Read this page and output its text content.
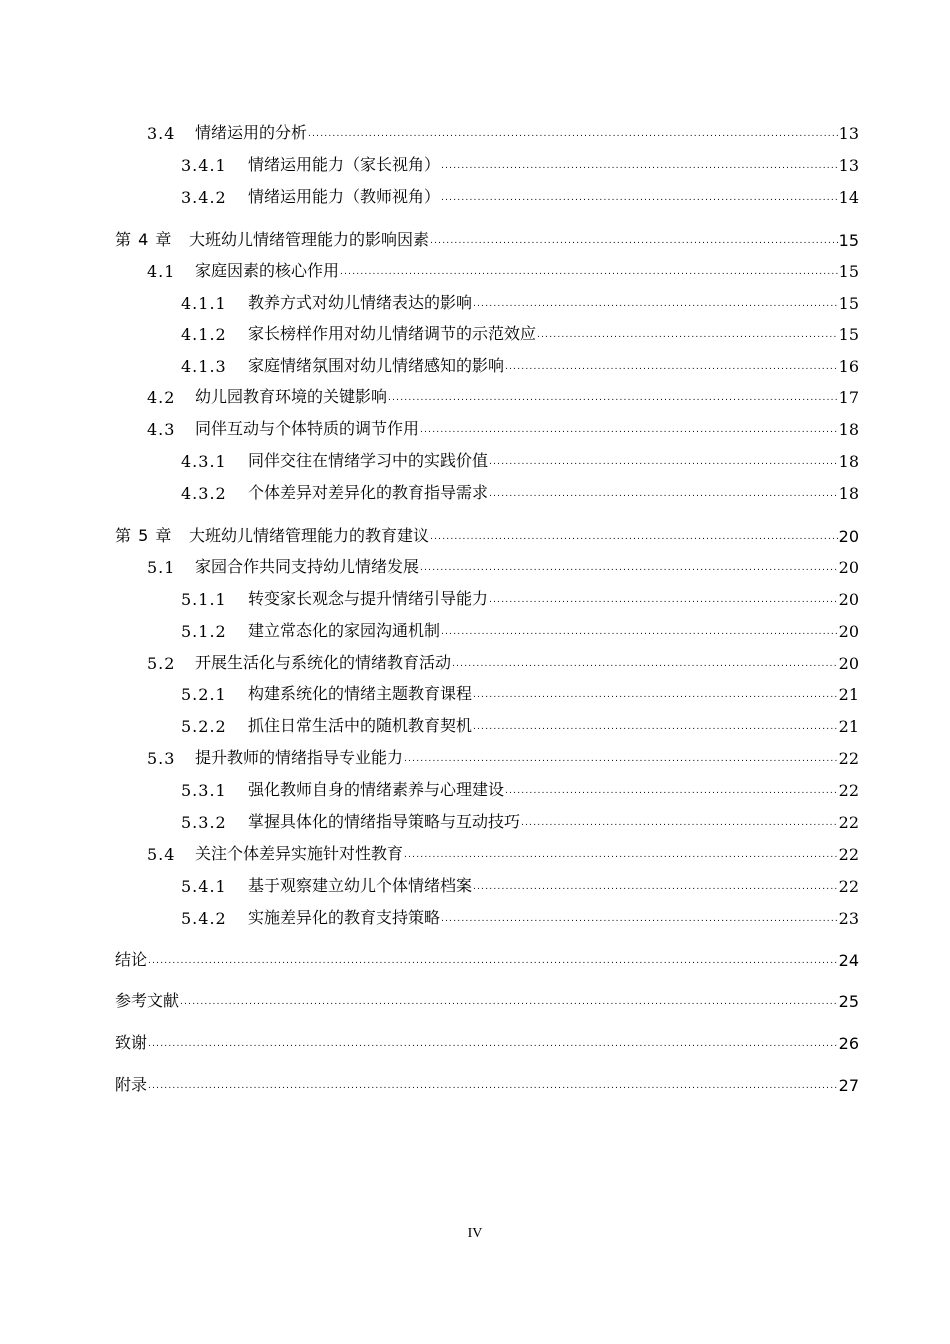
3.4	情绪运用的分析 .....	13
3.4.1	情绪运用能力（家长视角） .....	13
3.4.2	情绪运用能力（教师视角） .....	14
第 4 章	大班幼儿情绪管理能力的影响因素 .....	15
4.1	家庭因素的核心作用 .....	15
4.1.1	教养方式对幼儿情绪表达的影响 .....	15
4.1.2	家长榜样作用对幼儿情绪调节的示范效应 .....	15
4.1.3	家庭情绪氛围对幼儿情绪感知的影响 .....	16
4.2	幼儿园教育环境的关键影响 .....	17
4.3	同伴互动与个体特质的调节作用 .....	18
4.3.1	同伴交往在情绪学习中的实践价值 .....	18
4.3.2	个体差异对差异化的教育指导需求 .....	18
第 5 章	大班幼儿情绪管理能力的教育建议 .....	20
5.1	家园合作共同支持幼儿情绪发展 .....	20
5.1.1	转变家长观念与提升情绪引导能力 .....	20
5.1.2	建立常态化的家园沟通机制 .....	20
5.2	开展生活化与系统化的情绪教育活动 .....	20
5.2.1	构建系统化的情绪主题教育课程 .....	21
5.2.2	抓住日常生活中的随机教育契机 .....	21
5.3	提升教师的情绪指导专业能力 .....	22
5.3.1	强化教师自身的情绪素养与心理建设 .....	22
5.3.2	掌握具体化的情绪指导策略与互动技巧 .....	22
5.4	关注个体差异实施针对性教育 .....	22
5.4.1	基于观察建立幼儿个体情绪档案 .....	22
5.4.2	实施差异化的教育支持策略 .....	23
结论 .....	24
参考文献 .....	25
致谢 .....	26
附录 .....	27
IV
